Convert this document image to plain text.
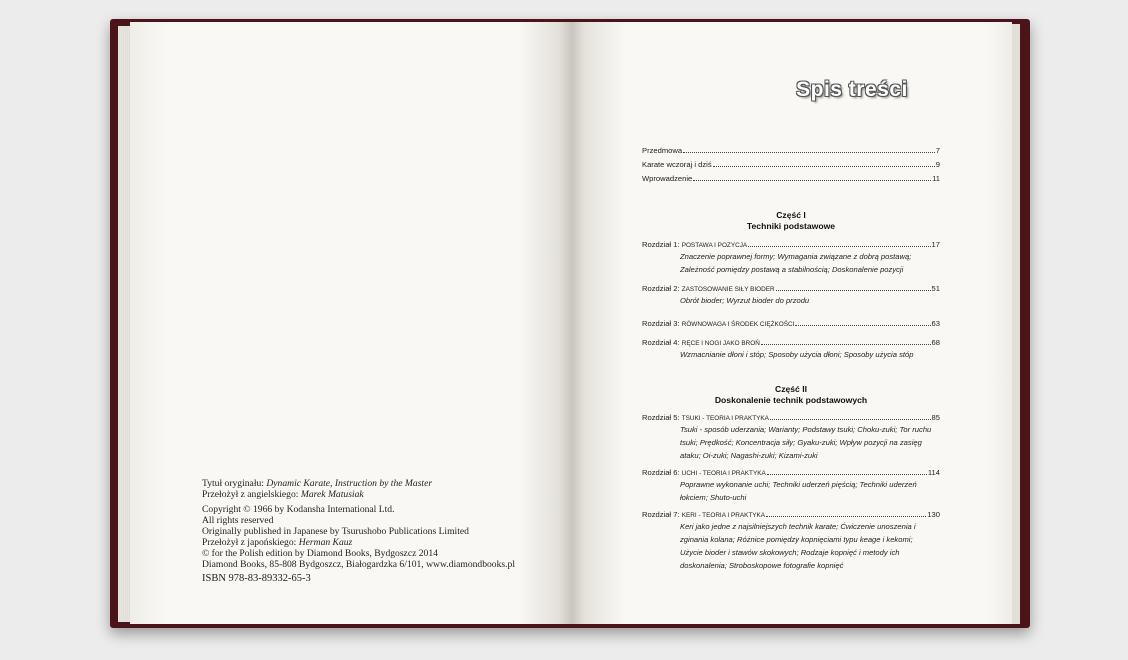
Tytuł oryginału: Dynamic Karate, Instruction by the Master
Przełożył z angielskiego: Marek Matusiak
Copyright © 1966 by Kodansha International Ltd.
All rights reserved
Originally published in Japanese by Tsurushobo Publications Limited
Przełożył z japońskiego: Herman Kauz
© for the Polish edition by Diamond Books, Bydgoszcz 2014
Diamond Books, 85-808 Bydgoszcz, Białogardzka 6/101, www.diamondbooks.pl
ISBN 978-83-89332-65-3
Spis treści
Przedmowa	7
Karate wczoraj i dziś	9
Wprowadzenie	11
Część I
Techniki podstawowe
Rozdział 1:
POSTAWA I POZYCJA	17
Znaczenie poprawnej formy; Wymagania związane z dobrą postawą; Zależność pomiędzy postawą a stabilnością; Doskonalenie pozycji
Rozdział 2:
ZASTOSOWANIE SIŁY BIODER	51
Obrót bioder; Wyrzut bioder do przodu
Rozdział 3:
RÓWNOWAGA I ŚRODEK CIĘŻKOŚCI	63
Rozdział 4:
RĘCE I NOGI JAKO BROŃ	68
Wzmacnianie dłoni i stóp; Sposoby użycia dłoni; Sposoby użycia stóp
Część II
Doskonalenie technik podstawowych
Rozdział 5:
TSUKI - TEORIA I PRAKTYKA	85
Tsuki - sposób uderzania; Warianty; Podstawy tsuki; Choku-zuki; Tor ruchu tsuki; Prędkość; Koncentracja siły; Gyaku-zuki; Wpływ pozycji na zasięg ataku; Oi-zuki; Nagashi-zuki; Kizami-zuki
Rozdział 6:
UCHI - TEORIA I PRAKTYKA	114
Poprawne wykonanie uchi; Techniki uderzeń pięścią; Techniki uderzeń łokciem; Shuto-uchi
Rozdział 7:
KERI - TEORIA I PRAKTYKA	130
Keri jako jedne z najsilniejszych technik karate; Ćwiczenie unoszenia i zginania kolana; Różnice pomiędzy kopnięciami typu keage i kekomi; Użycie bioder i stawów skokowych; Rodzaje kopnięć i metody ich doskonalenia; Stroboskopowe fotografie kopnięć
